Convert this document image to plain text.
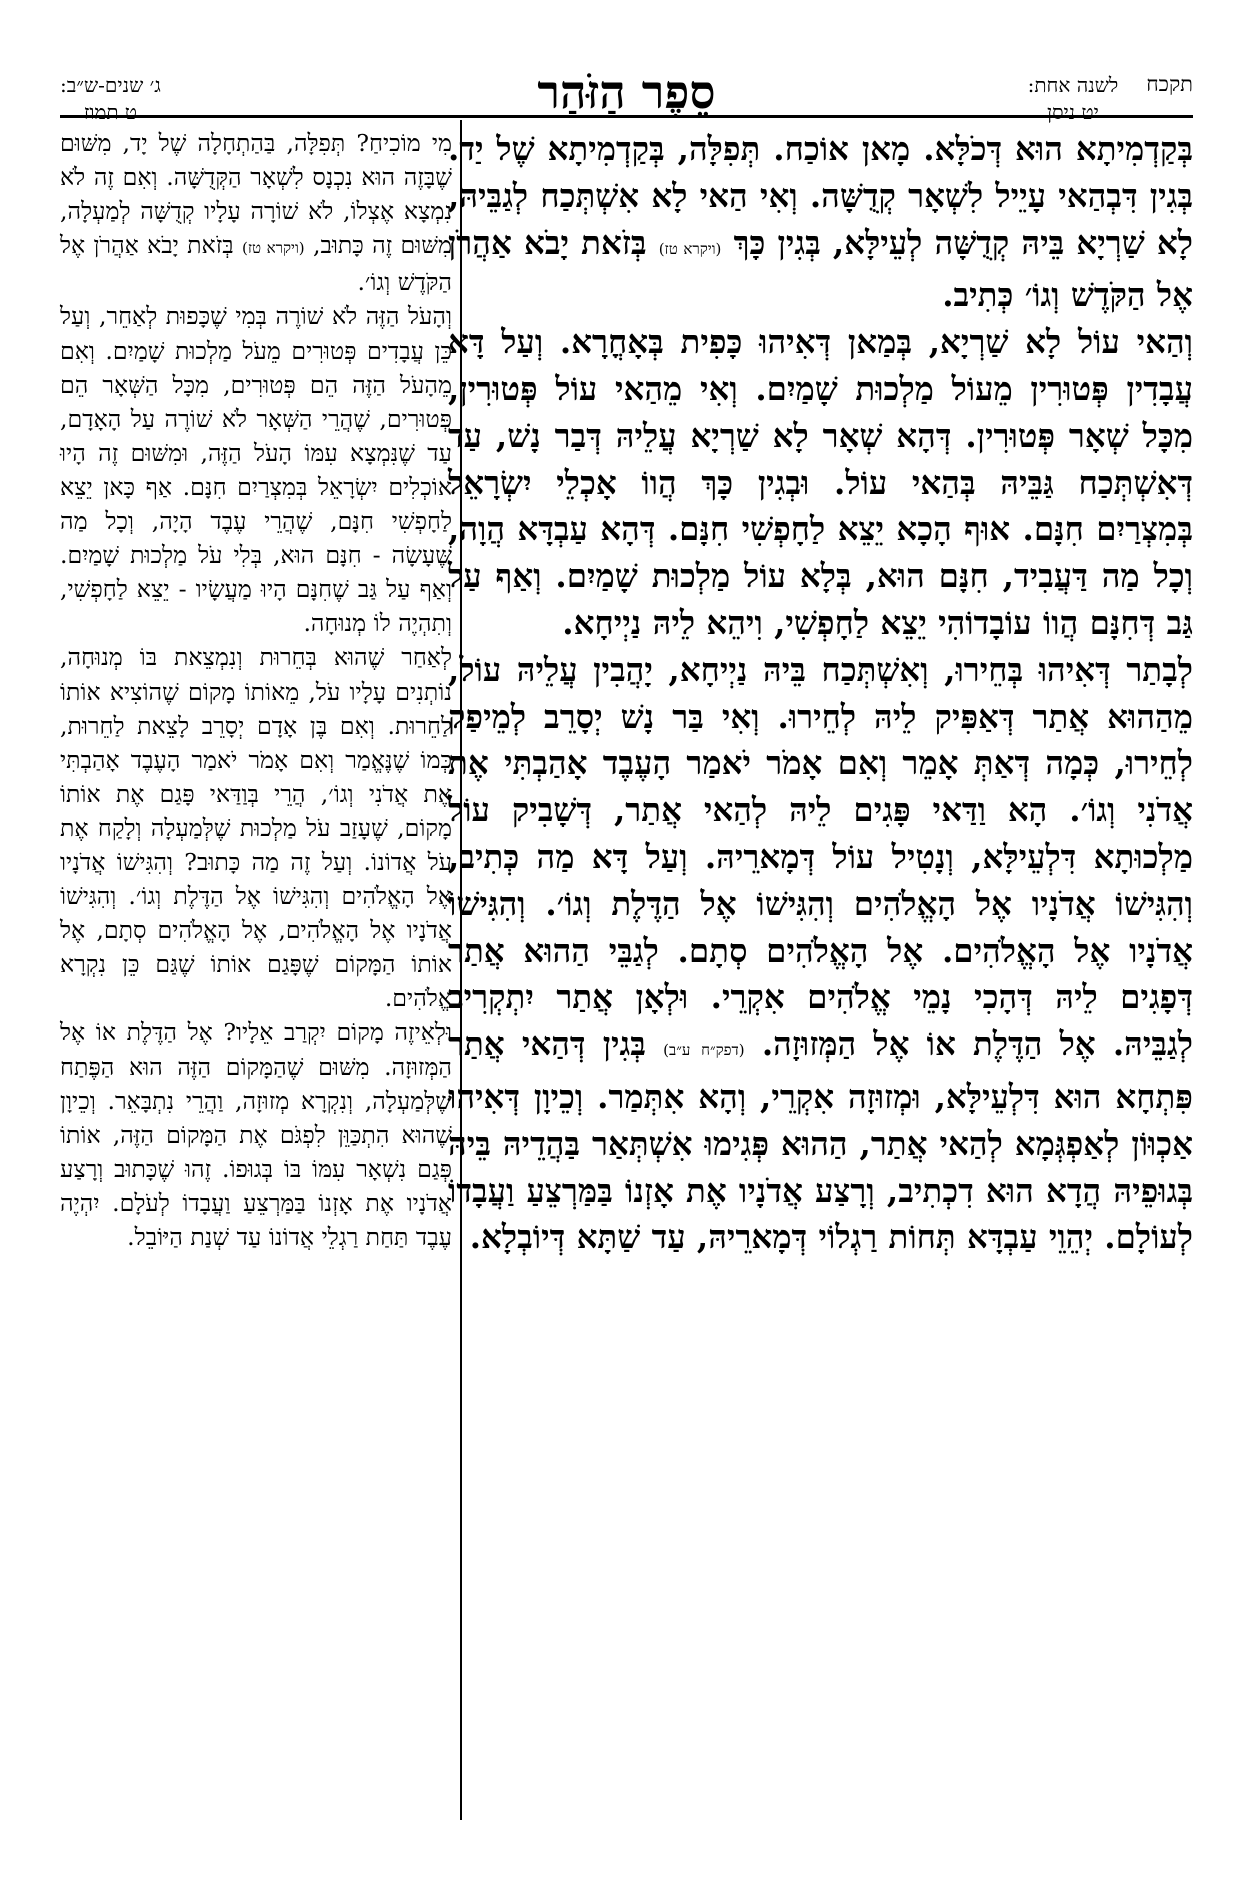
תקכח
לשנה אחת:
יט ניסן
סֵפֶר הַזֹּהַר
ג׳ שנים-ש״ב:
ט תמוז

בְּקַדְמִיתָא הוּא דְּכֹלָּא. מָאן אוֹכַח. תְּפִלָּה, בְּקַדְמִיתָא שֶׁל יַד. בְּגִין דִּבְהַאי עָיֵיל לִשְׁאָר קְדֻשָּׁה. וְאִי הַאי לָא אִשְׁתְּכַח לְגַבֵּיהּ, לָא שַׁרְיָא בֵּיהּ קְדֻשָּׁה לְעֵילָּא, בְּגִין כָּךְ (ויקרא טז) בְּזֹאת יָבֹא אַהֲרֹן אֶל הַקֹּדֶשׁ וְגוֹ׳ כְּתִיב.

וְהַאי עוֹל לָא שַׁרְיָא, בְּמַאן דְּאִיהוּ כָּפִית בְּאָחֳרָא. וְעַל דָּא עֲבָדִין פְּטוּרִין מֵעוֹל מַלְכוּת שָׁמַיִם. וְאִי מֵהַאי עוֹל פְּטוּרִין, מִכָּל שְׁאָר פְּטוּרִין. דְּהָא שְׁאָר לָא שַׁרְיָא עֲלֵיהּ דְּבַר נָשׁ, עַד דְּאִשְׁתְּכַח גַּבֵּיהּ בְּהַאי עוֹל. וּבְגִין כָּךְ הֲווֹ אָכְלֵי יִשְׂרָאֵל בְּמִצְרַיִם חִנָּם. אוּף הָכָא יֵצֵא לַחָפְשִׁי חִנָּם. דְּהָא עַבְדָּא הֲוָה, וְכָל מַה דַּעֲבִיד, חִנָּם הוּא, בְּלָא עוֹל מַלְכוּת שָׁמַיִם. וְאַף עַל גַּב דְּחִנָּם הֲווֹ עוֹבָדוֹהִי יֵצֵא לַחָפְשִׁי, וִיהֵא לֵיהּ נַיְיחָא.

לְבָתַר דְּאִיהוּ בְּחֵירוּ, וְאִשְׁתְּכַח בֵּיהּ נַיְיחָא, יָהֲבִין עֲלֵיהּ עוֹל, מֵהַהוּא אֲתַר דְּאַפִּיק לֵיהּ לְחֵירוּ. וְאִי בַּר נָשׁ יְסָרֵב לְמֵיפַק לְחֵירוּ, כְּמָה דְּאַתְּ אָמֵר וְאִם אָמֹר יֹאמַר הָעֶבֶד אָהַבְתִּי אֶת אֲדֹנִי וְגוֹ׳. הָא וַדַּאי פָּגִים לֵיהּ לְהַאי אֲתַר, דְּשָׁבִיק עוֹל מַלְכוּתָא דִּלְעֵילָּא, וְנָטִיל עוֹל דְּמָארֵיהּ. וְעַל דָּא מַה כְּתִיב, וְהִגִּישׁוֹ אֲדֹנָיו אֶל הָאֱלֹהִים וְהִגִּישׁוֹ אֶל הַדֶּלֶת וְגוֹ׳. וְהִגִּישׁוֹ אֲדֹנָיו אֶל הָאֱלֹהִים. אֶל הָאֱלֹהִים סְתָם. לְגַבֵּי הַהוּא אֲתַר דְּפָגִים לֵיהּ דְּהָכִי נָמֵי אֱלֹהִים אִקְרֵי. וּלְאָן אֲתַר יִתְקְרִיב לְגַבֵּיהּ. אֶל הַדֶּלֶת אוֹ אֶל הַמְּזוּזָה. (דפק״ח ע״ב) בְּגִין דְּהַאי אֲתַר פִּתְחָא הוּא דִּלְעֵילָּא, וּמְזוּזָה אִקְרֵי, וְהָא אִתְּמַר. וְכֵיוָן דְּאִיהוּ אַכְוּוֹן לְאַפְגְּמָא לְהַאי אֲתַר, הַהוּא פְּגִימוּ אִשְׁתְּאַר בַּהֲדֵיהּ בֵּיהּ בְּגוּפֵיהּ הֲדָא הוּא דִכְתִיב, וְרָצַע אֲדֹנָיו אֶת אָזְנוֹ בַּמַּרְצֵעַ וַעֲבָדוֹ לְעוֹלָם. יְהֵוֵי עַבְדָּא תְּחוֹת רַגְלוֹי דְּמָארֵיהּ, עַד שַׁתָּא דְּיוֹבְלָא.

מִי מוֹכִיחַ? תְּפִלָּה, בַּהַתְחָלָה שֶׁל יָד, מִשּׁוּם שֶׁבָּזֶה הוּא נִכְנָס לִשְׁאָר הַקְּדֻשָּׁה. וְאִם זֶה לֹא נִמְצָא אֶצְלוֹ, לֹא שׁוֹרָה עָלָיו קְדֻשָּׁה לְמַעְלָה, מִשּׁוּם זֶה כָּתוּב, (ויקרא טז) בְּזֹאת יָבֹא אַהֲרֹן אֶל הַקֹּדֶשׁ וְגוֹ׳.

וְהָעֹל הַזֶּה לֹא שׁוֹרֶה בְּמִי שֶׁכָּפוּת לְאַחֵר, וְעַל כֵּן עֲבָדִים פְּטוּרִים מֵעֹל מַלְכוּת שָׁמַיִם. וְאִם מֵהָעֹל הַזֶּה הֵם פְּטוּרִים, מִכָּל הַשְּׁאָר הֵם פְּטוּרִים, שֶׁהֲרֵי הַשְּׁאָר לֹא שׁוֹרֶה עַל הָאָדָם, עַד שֶׁנִּמְצָא עִמּוֹ הָעֹל הַזֶּה, וּמִשּׁוּם זֶה הָיוּ אוֹכְלִים יִשְׂרָאֵל בְּמִצְרַיִם חִנָּם. אַף כָּאן יֵצֵא לַחָפְשִׁי חִנָּם, שֶׁהֲרֵי עֶבֶד הָיָה, וְכָל מַה שֶּׁעָשָׂה - חִנָּם הוּא, בְּלִי עֹל מַלְכוּת שָׁמַיִם. וְאַף עַל גַּב שֶׁחִנָּם הָיוּ מַעֲשָׂיו - יֵצֵא לַחָפְשִׁי, וְתִהְיֶה לוֹ מְנוּחָה.

לְאַחַר שֶׁהוּא בְּחֵרוּת וְנִמְצֵאת בּוֹ מְנוּחָה, נוֹתְנִים עָלָיו עֹל, מֵאוֹתוֹ מָקוֹם שֶׁהוֹצִיא אוֹתוֹ לַחֵרוּת. וְאִם בֶּן אָדָם יְסָרֵב לָצֵאת לַחֵרוּת, כְּמוֹ שֶׁנֶּאֱמַר וְאִם אָמֹר יֹאמַר הָעֶבֶד אָהַבְתִּי אֶת אֲדֹנִי וְגוֹ׳, הֲרֵי בְּוַדַּאי פָּגַם אֶת אוֹתוֹ מָקוֹם, שֶׁעָזַב עֹל מַלְכוּת שֶׁלְּמַעְלָה וְלָקַח אֶת עֹל אֲדוֹנוֹ. וְעַל זֶה מַה כָּתוּב? וְהִגִּישׁוֹ אֲדֹנָיו אֶל הָאֱלֹהִים וְהִגִּישׁוֹ אֶל הַדֶּלֶת וְגוֹ׳. וְהִגִּישׁוֹ אֲדֹנָיו אֶל הָאֱלֹהִים, אֶל הָאֱלֹהִים סְתָם, אֶל אוֹתוֹ הַמָּקוֹם שֶׁפָּגַם אוֹתוֹ שֶׁגַּם כֵּן נִקְרָא אֱלֹהִים.

וּלְאֵיזֶה מָקוֹם יִקְרַב אֵלָיו? אֶל הַדֶּלֶת אוֹ אֶל הַמְּזוּזָה. מִשּׁוּם שֶׁהַמָּקוֹם הַזֶּה הוּא הַפֶּתַח שֶׁלְּמַעְלָה, וְנִקְרָא מְזוּזָה, וַהֲרֵי נִתְבָּאֵר. וְכֵיוָן שֶׁהוּא הִתְכַּוֵּן לִפְגֹּם אֶת הַמָּקוֹם הַזֶּה, אוֹתוֹ פְּגַם נִשְׁאָר עִמּוֹ בּוֹ בְּגוּפוֹ. זֶהוּ שֶׁכָּתוּב וְרָצַע אֲדֹנָיו אֶת אָזְנוֹ בַּמַּרְצֵעַ וַעֲבָדוֹ לְעֹלָם. יִהְיֶה עֶבֶד תַּחַת רַגְלֵי אֲדוֹנוֹ עַד שְׁנַת הַיּוֹבֵל.
